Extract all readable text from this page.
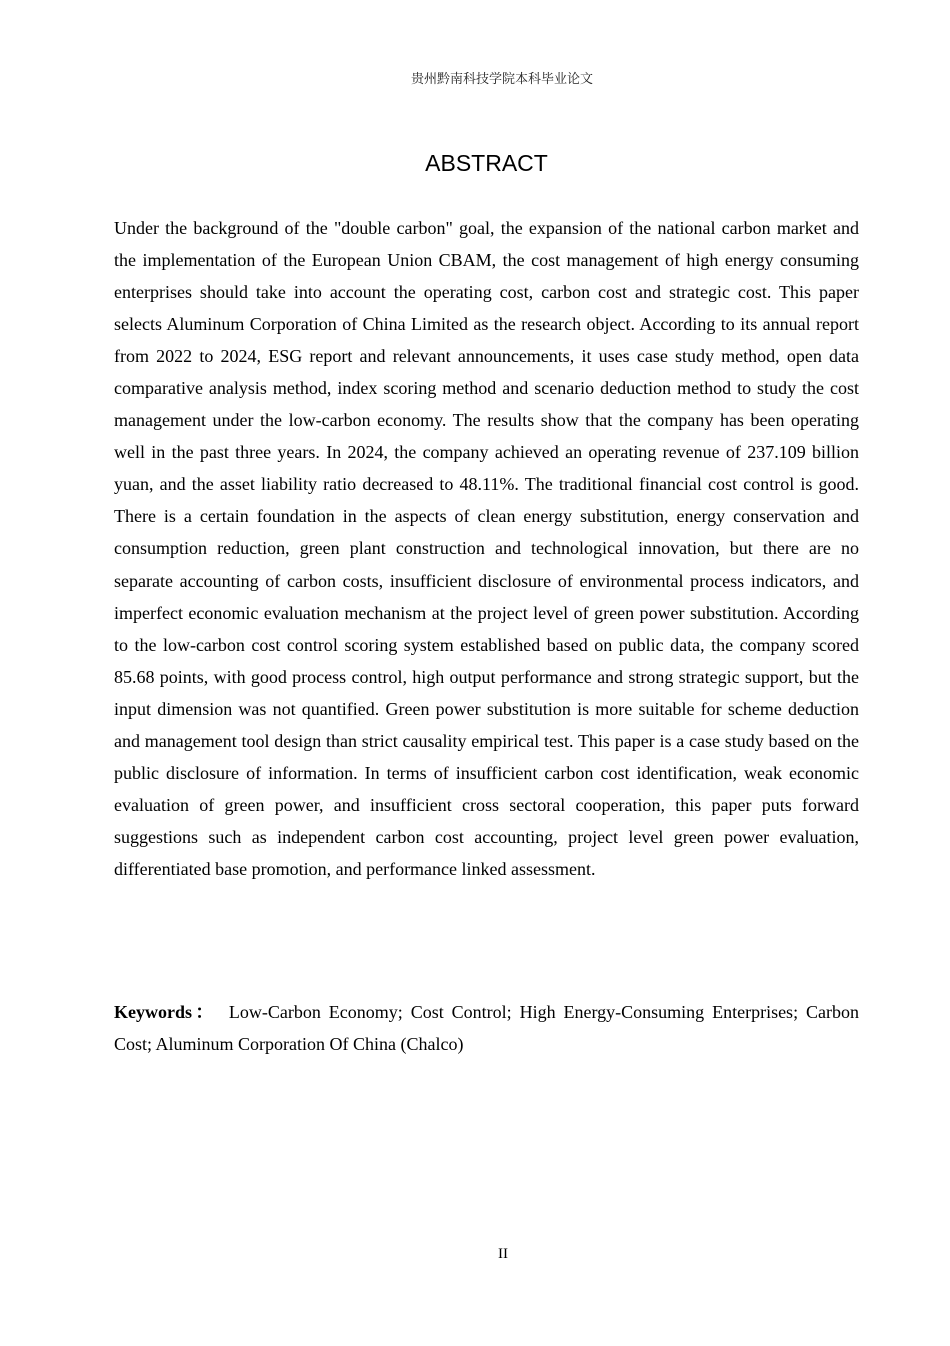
贵州黔南科技学院本科毕业论文
ABSTRACT

Under the background of the "double carbon" goal, the expansion of the national carbon market and the implementation of the European Union CBAM, the cost management of high energy consuming enterprises should take into account the operating cost, carbon cost and strategic cost. This paper selects Aluminum Corporation of China Limited as the research object. According to its annual report from 2022 to 2024, ESG report and relevant announcements, it uses case study method, open data comparative analysis method, index scoring method and scenario deduction method to study the cost management under the low-carbon economy. The results show that the company has been operating well in the past three years. In 2024, the company achieved an operating revenue of 237.109 billion yuan, and the asset liability ratio decreased to 48.11%. The traditional financial cost control is good. There is a certain foundation in the aspects of clean energy substitution, energy conservation and consumption reduction, green plant construction and technological innovation, but there are no separate accounting of carbon costs, insufficient disclosure of environmental process indicators, and imperfect economic evaluation mechanism at the project level of green power substitution. According to the low-carbon cost control scoring system established based on public data, the company scored 85.68 points, with good process control, high output performance and strong strategic support, but the input dimension was not quantified. Green power substitution is more suitable for scheme deduction and management tool design than strict causality empirical test. This paper is a case study based on the public disclosure of information. In terms of insufficient carbon cost identification, weak economic evaluation of green power, and insufficient cross sectoral cooperation, this paper puts forward suggestions such as independent carbon cost accounting, project level green power evaluation, differentiated base promotion, and performance linked assessment.

Keywords： Low-Carbon Economy; Cost Control; High Energy-Consuming Enterprises; Carbon Cost; Aluminum Corporation Of China (Chalco)

II
